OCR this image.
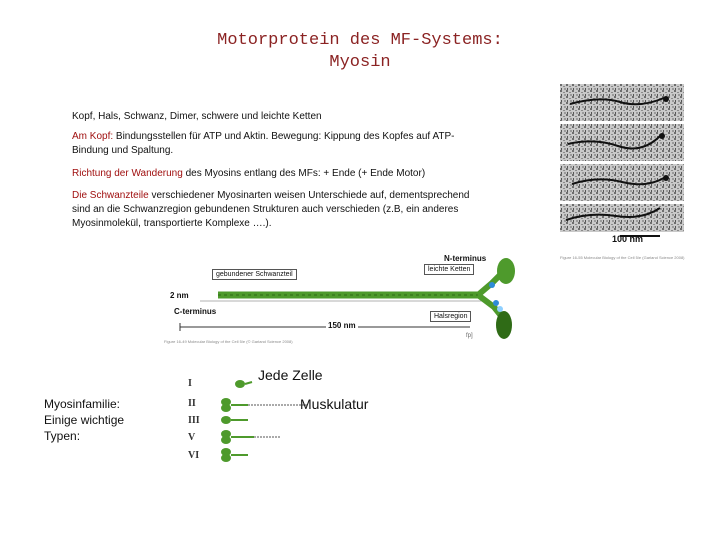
Motorprotein des MF-Systems:
Myosin
Kopf, Hals, Schwanz, Dimer, schwere und leichte Ketten
Am Kopf: Bindungsstellen für ATP und Aktin. Bewegung: Kippung des Kopfes auf ATP-Bindung und Spaltung.
Richtung der Wanderung des Myosins entlang des MFs: + Ende (+ Ende Motor)
Die Schwanzteile verschiedener Myosinarten weisen Unterschiede auf, dementsprechend sind an die Schwanzregion gebundenen Strukturen auch verschieden (z.B, ein anderes Myosinmolekül, transportierte Komplexe ….).
100 nm
Figure 16-55 Molecular Biology of the Cell 5/e (Garland Science 2008)
gebundener Schwanzteil
leichte Ketten
N-terminus
2 nm
C-terminus
150 nm
Halsregion
Figure 16-49 Molecular Biology of the Cell 5/e (© Garland Science 2008)
fp]
Myosinfamilie:
Einige wichtige
Typen:
I
II
III
V
VI
Jede Zelle
Muskulatur
